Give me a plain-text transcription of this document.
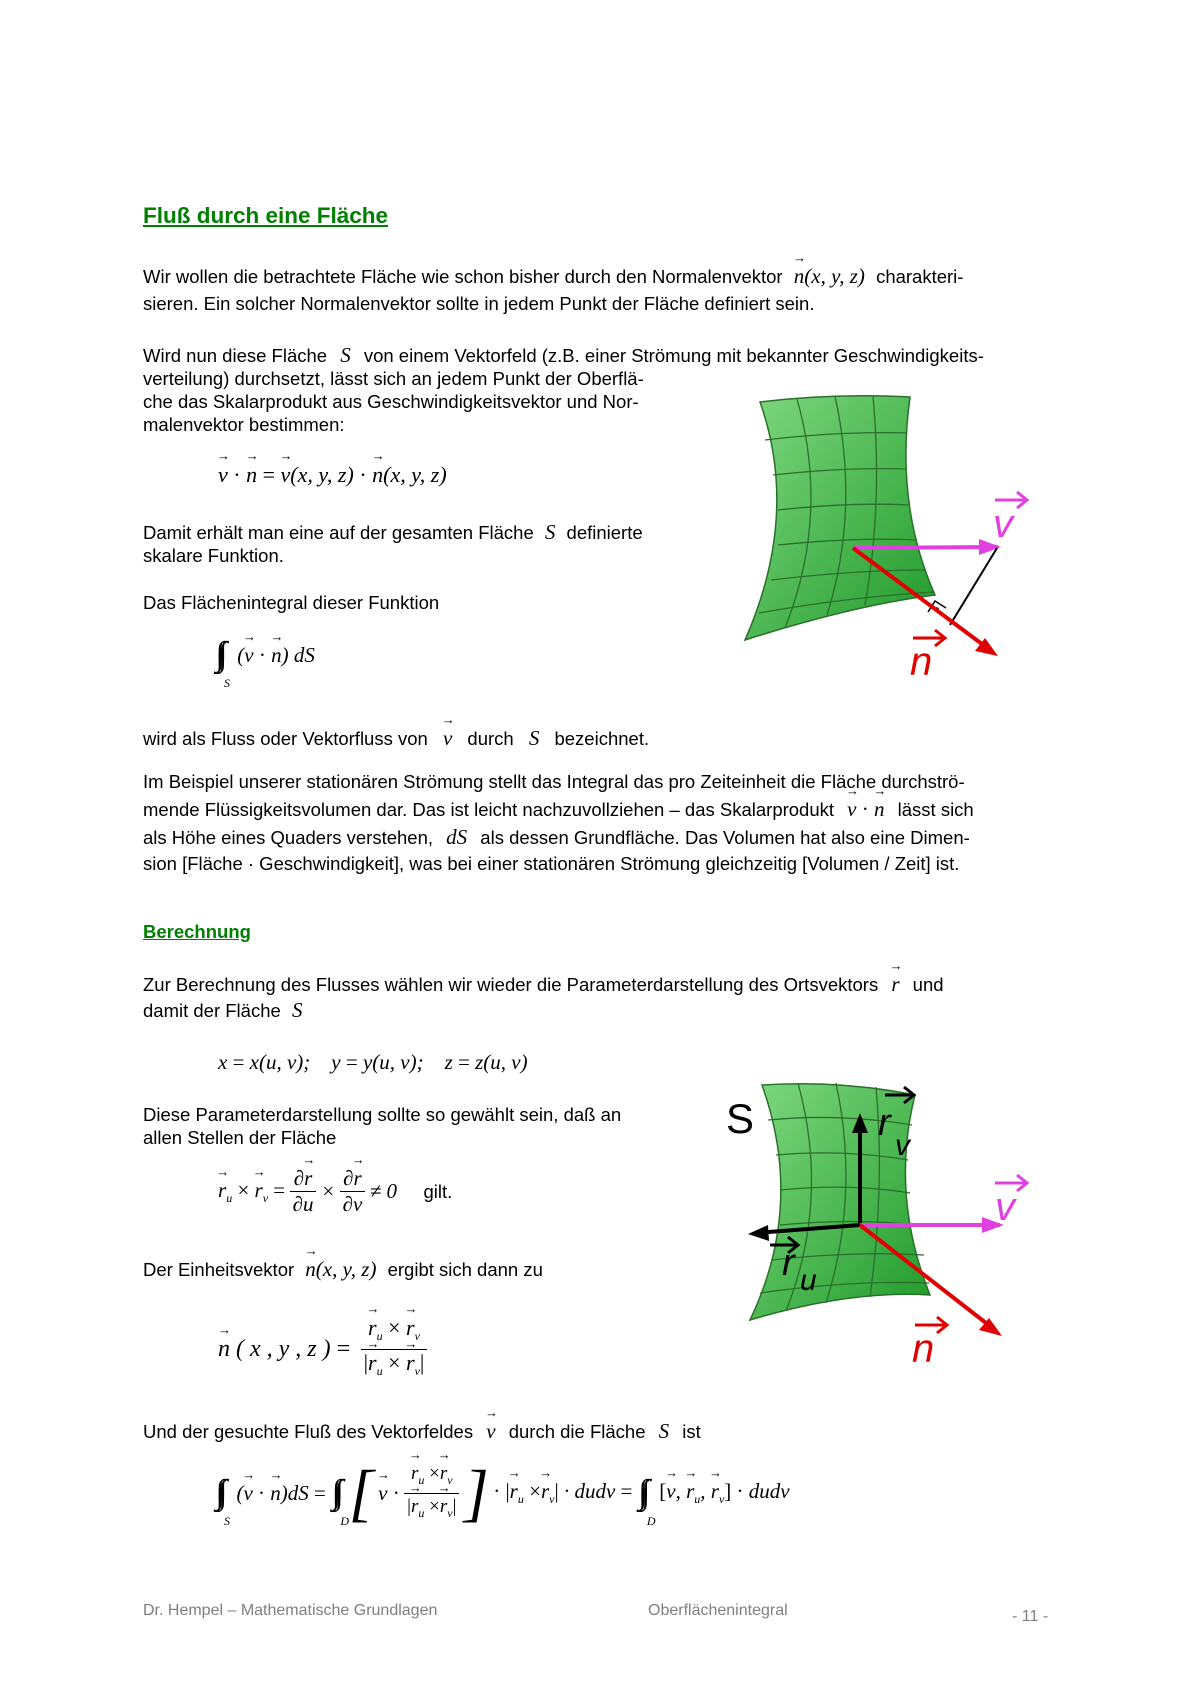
Fluß durch eine Fläche
Wir wollen die betrachtete Fläche wie schon bisher durch den Normalenvektor → n(x, y, z) charakteri-
sieren. Ein solcher Normalenvektor sollte in jedem Punkt der Fläche definiert sein.
Wird nun diese Fläche S von einem Vektorfeld (z.B. einer Strömung mit bekannter Geschwindigkeits-
verteilung) durchsetzt, lässt sich an jedem Punkt der Oberflä-
che das Skalarprodukt aus Geschwindigkeitsvektor und Nor-
malenvektor bestimmen:
→ v · → n = → v(x, y, z) · → n(x, y, z)
Damit erhält man eine auf der gesamten Fläche S definierte
skalare Funktion.
Das Flächenintegral dieser Funktion
S
(→ v · → n) dS
wird als Fluss oder Vektorfluss von → v durch S bezeichnet.
Im Beispiel unserer stationären Strömung stellt das Integral das pro Zeiteinheit die Fläche durchströ-
mende Flüssigkeitsvolumen dar. Das ist leicht nachzuvollziehen – das Skalarprodukt → v · → n lässt sich
als Höhe eines Quaders verstehen, dS als dessen Grundfläche. Das Volumen hat also eine Dimen-
sion [Fläche · Geschwindigkeit], was bei einer stationären Strömung gleichzeitig [Volumen / Zeit] ist.
Berechnung
Zur Berechnung des Flusses wählen wir wieder die Parameterdarstellung des Ortsvektors → r und
damit der Fläche S
x = x(u, v);    y = y(u, v);    z = z(u, v)
Diese Parameterdarstellung sollte so gewählt sein, daß an
allen Stellen der Fläche
→ $r_u$ × → $r_v = \frac{\partial\to r}{\partial u} \times \frac{\partial\to r}{\partial v} \ne 0$ gilt.
Der Einheitsvektor → n(x, y, z) ergibt sich dann zu
→ n ( x , y , z ) = → $\frac{r_u \times \to r_v}{|\to r_u \times \to r_v|}$
Und der gesuchte Fluß des Vektorfeldes → v durch die Fläche S ist
S
(→ v · → n)dS =
D [ → v · → $\frac{r_u \times\to r_v}{|\to r_u \times\to r_v|}$ ] · |→ $r_u \times\to r_v|$ · dudv =
D
[→ v, → $r_u$, → $r_v$] · dudv
v
n
S	r
v
r u
v
n
Dr. Hempel – Mathematische Grundlagen	Oberflächenintegral	- 11 -
